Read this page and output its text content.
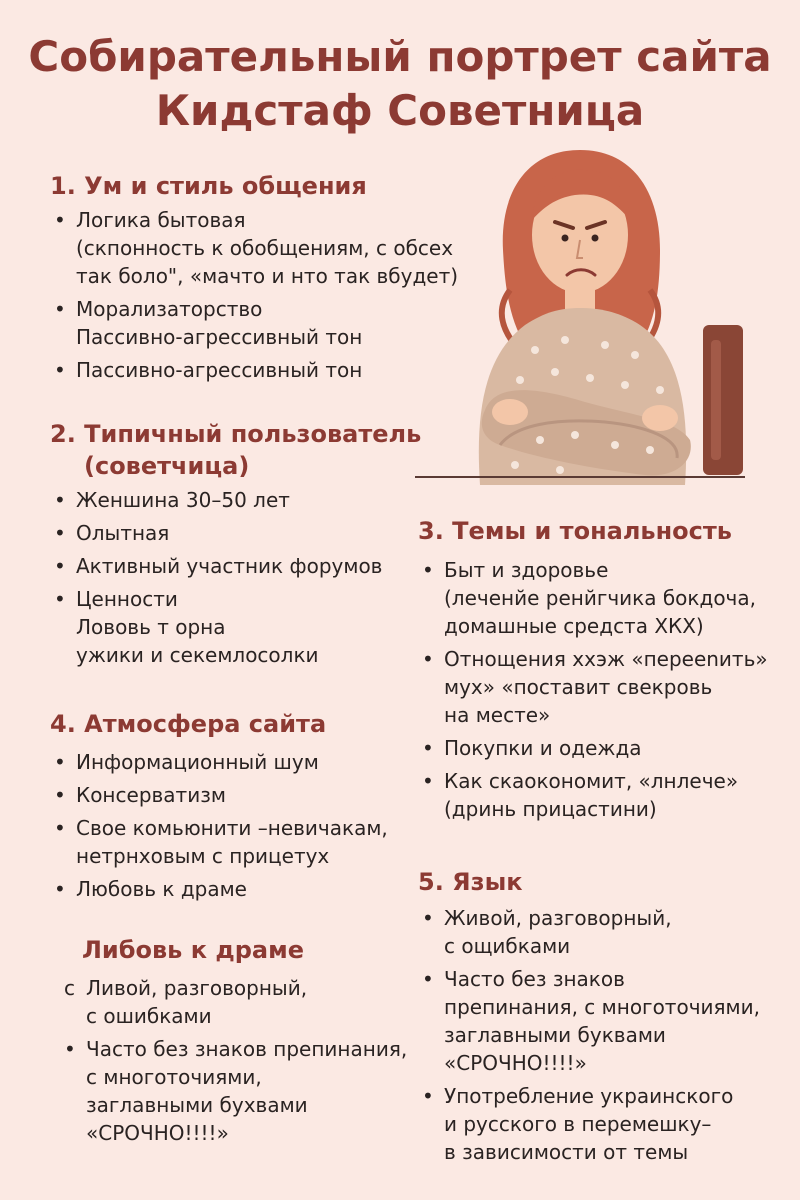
Собирательный портрет сайта
Кидстаф Советница
1. Ум и стиль общения
• Логика бытовая
(скпонность к обобщениям, с обсех
так боло", «мачто и нто так вбудет)
• Морализаторство
Пассивно-агрессивный тон
• Пассивно-агрессивный тон
2. Типичный пользователь
(советчица)
• Женшина 30–50 лет
• Олытная
• Активный участник форумов
• Ценности
Лововь т орна
ужики и секемлосолки
3. Темы и тональность
• Быт и здоровье
(леченйе ренйгчика бокдоча,
домашные средста ХКХ)
• Отнощения ххэж «перееnить»
мух» «поставит свекровь
на месте»
• Покупки и одежда
• Как скаокономит, «лнлече»
(дринь прицастини)
4. Атмосфера сайта
• Информационный шум
• Консерватизм
• Свое комьюнити –невичакам,
нетрнховым с прицетух
• Любовь к драме	5. Язык
• Живой, разговорный,
с ощибками
• Часто без знаков
препинания, с многоточиями,
заглавными буквами
«СРОЧНО!!!!»
• Употребление украинского
и русского в перемешку–
в зависимости от темы
Либовь к драме
с Ливой, разговорный,
с ошибками
• Часто без знаков препинания,
с многоточиями,
заглавными бухвами
«СРОЧНО!!!!»
